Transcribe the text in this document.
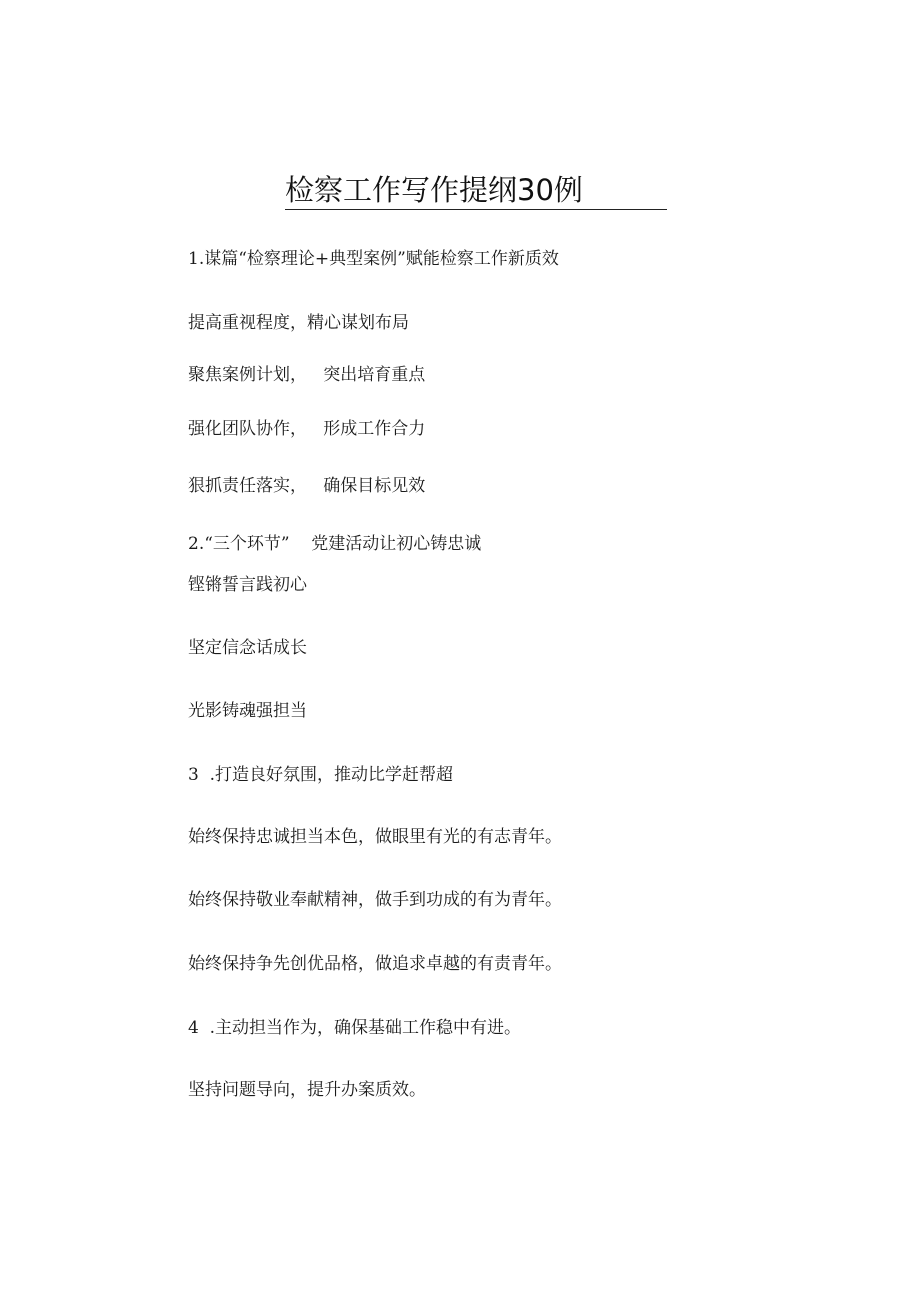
检察工作写作提纲30例
1.谋篇“检察理论+典型案例”赋能检察工作新质效
提高重视程度，精心谋划布局
聚焦案例计划，   突出培育重点
强化团队协作，   形成工作合力
狠抓责任落实，   确保目标见效
2.“三个环节”    党建活动让初心铸忠诚
铿锵誓言践初心
坚定信念话成长
光影铸魂强担当
3  .打造良好氛围，推动比学赶帮超
始终保持忠诚担当本色，做眼里有光的有志青年。
始终保持敬业奉献精神，做手到功成的有为青年。
始终保持争先创优品格，做追求卓越的有责青年。
4  .主动担当作为，确保基础工作稳中有进。
坚持问题导向，提升办案质效。
